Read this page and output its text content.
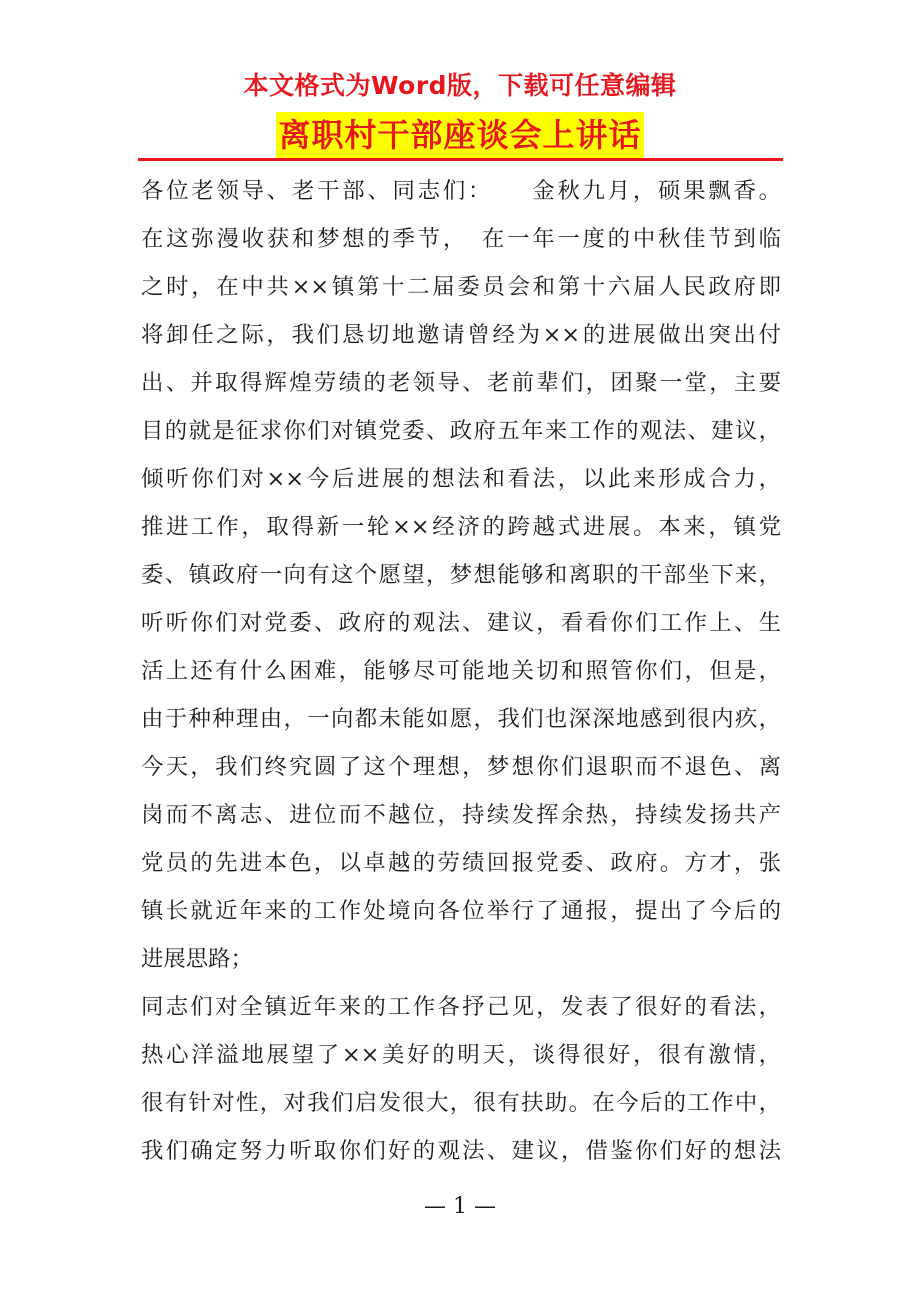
本文格式为Word版，下载可任意编辑
离职村干部座谈会上讲话
各位老领导、老干部、同志们：　　金秋九月，硕果飘香。
在这弥漫收获和梦想的季节，　在一年一度的中秋佳节到临
之时，在中共××镇第十二届委员会和第十六届人民政府即
将卸任之际，我们恳切地邀请曾经为××的进展做出突出付
出、并取得辉煌劳绩的老领导、老前辈们，团聚一堂，主要
目的就是征求你们对镇党委、政府五年来工作的观法、建议，
倾听你们对××今后进展的想法和看法，以此来形成合力，
推进工作，取得新一轮××经济的跨越式进展。本来，镇党
委、镇政府一向有这个愿望，梦想能够和离职的干部坐下来，
听听你们对党委、政府的观法、建议，看看你们工作上、生
活上还有什么困难，能够尽可能地关切和照管你们，但是，
由于种种理由，一向都未能如愿，我们也深深地感到很内疚，
今天，我们终究圆了这个理想，梦想你们退职而不退色、离
岗而不离志、进位而不越位，持续发挥余热，持续发扬共产
党员的先进本色，以卓越的劳绩回报党委、政府。方才，张
镇长就近年来的工作处境向各位举行了通报，提出了今后的
进展思路；
同志们对全镇近年来的工作各抒己见，发表了很好的看法，
热心洋溢地展望了××美好的明天，谈得很好，很有激情，
很有针对性，对我们启发很大，很有扶助。在今后的工作中，
我们确定努力听取你们好的观法、建议，借鉴你们好的想法
— 1 —
